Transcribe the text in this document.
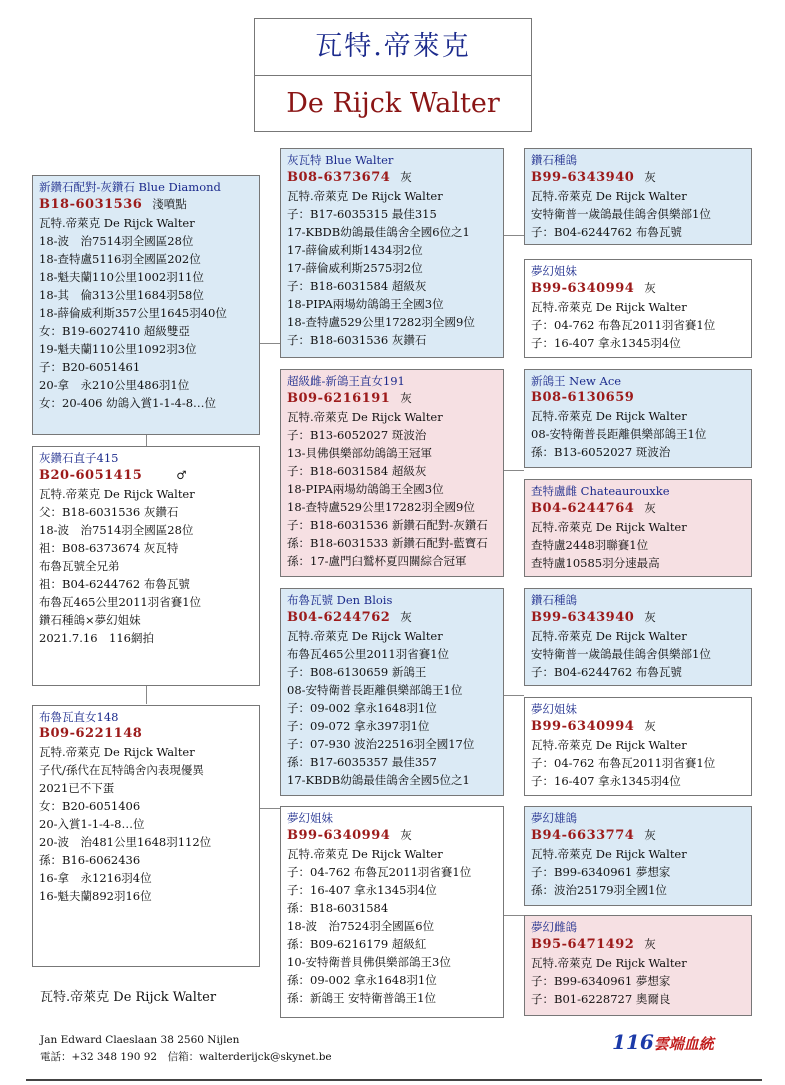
瓦特.帝萊克
De Rijck Walter
新鑽石配對-灰鑽石 Blue Diamond
B18-6031536 淺噴點
瓦特.帝萊克 De Rijck Walter
18-波　治7514羽全國區28位
18-查特盧5116羽全國區202位
18-魁夫蘭110公里1002羽11位
18-其　倫313公里1684羽58位
18-薛倫威利斯357公里1645羽40位
女：B19-6027410 超級雙亞
19-魁夫蘭110公里1092羽3位
子：B20-6051461
20-拿　永210公里486羽1位
女：20-406 幼鴿入賞1-1-4-8…位
灰鑽石直子415
B20-6051415	♂
瓦特.帝萊克 De Rijck Walter
父：B18-6031536 灰鑽石
18-波　治7514羽全國區28位
祖：B08-6373674 灰瓦特
布魯瓦號全兄弟
祖：B04-6244762 布魯瓦號
布魯瓦465公里2011羽省賽1位
鑽石種鴿×夢幻姐妹
2021.7.16　116網拍
布魯瓦直女148
B09-6221148
瓦特.帝萊克 De Rijck Walter
子代/孫代在瓦特鴿舍內表現優異
2021已不下蛋
女：B20-6051406
20-入賞1-1-4-8…位
20-波　治481公里1648羽112位
孫：B16-6062436
16-拿　永1216羽4位
16-魁夫蘭892羽16位
灰瓦特 Blue Walter
B08-6373674 灰
瓦特.帝萊克 De Rijck Walter
子：B17-6035315 最佳315
17-KBDB幼鴿最佳鴿舍全國6位之1
17-薛倫威利斯1434羽2位
17-薛倫威利斯2575羽2位
子：B18-6031584 超級灰
18-PIPA兩場幼鴿鴿王全國3位
18-查特盧529公里17282羽全國9位
子：B18-6031536 灰鑽石
超級雌-新鴿王直女191
B09-6216191 灰
瓦特.帝萊克 De Rijck Walter
子：B13-6052027 斑波治
13-貝佛俱樂部幼鴿鴿王冠軍
子：B18-6031584 超級灰
18-PIPA兩場幼鴿鴿王全國3位
18-查特盧529公里17282羽全國9位
子：B18-6031536 新鑽石配對-灰鑽石
孫：B18-6031533 新鑽石配對-藍寶石
孫：17-盧門臼鷲杯夏四關綜合冠軍
布魯瓦號 Den Blois
B04-6244762 灰
瓦特.帝萊克 De Rijck Walter
布魯瓦465公里2011羽省賽1位
子：B08-6130659 新鴿王
08-安特衛普長距離俱樂部鴿王1位
子：09-002 拿永1648羽1位
子：09-072 拿永397羽1位
子：07-930 波治22516羽全國17位
孫：B17-6035357 最佳357
17-KBDB幼鴿最佳鴿舍全國5位之1
夢幻姐妹
B99-6340994 灰
瓦特.帝萊克 De Rijck Walter
子：04-762 布魯瓦2011羽省賽1位
子：16-407 拿永1345羽4位
孫：B18-6031584
18-波　治7524羽全國區6位
孫：B09-6216179 超級紅
10-安特衛普貝佛俱樂部鴿王3位
孫：09-002 拿永1648羽1位
孫：新鴿王 安特衛普鴿王1位
鑽石種鴿
B99-6343940 灰
瓦特.帝萊克 De Rijck Walter
安特衛普一歲鴿最佳鴿舍俱樂部1位
子：B04-6244762 布魯瓦號
夢幻姐妹
B99-6340994 灰
瓦特.帝萊克 De Rijck Walter
子：04-762 布魯瓦2011羽省賽1位
子：16-407 拿永1345羽4位
新鴿王 New Ace
B08-6130659
瓦特.帝萊克 De Rijck Walter
08-安特衛普長距離俱樂部鴿王1位
孫：B13-6052027 斑波治
查特盧雌 Chateaurouxke
B04-6244764 灰
瓦特.帝萊克 De Rijck Walter
查特盧2448羽聯賽1位
查特盧10585羽分速最高
鑽石種鴿
B99-6343940 灰
瓦特.帝萊克 De Rijck Walter
安特衛普一歲鴿最佳鴿舍俱樂部1位
子：B04-6244762 布魯瓦號
夢幻姐妹
B99-6340994 灰
瓦特.帝萊克 De Rijck Walter
子：04-762 布魯瓦2011羽省賽1位
子：16-407 拿永1345羽4位
夢幻雄鴿
B94-6633774 灰
瓦特.帝萊克 De Rijck Walter
子：B99-6340961 夢想家
孫：波治25179羽全國1位
夢幻雌鴿
B95-6471492 灰
瓦特.帝萊克 De Rijck Walter
子：B99-6340961 夢想家
子：B01-6228727 奧爾良
瓦特.帝萊克 De Rijck Walter
Jan Edward Claeslaan 38 2560 Nijlen
電話：+32 348 190 92　信箱：walterderijck@skynet.be
116雲端血統
